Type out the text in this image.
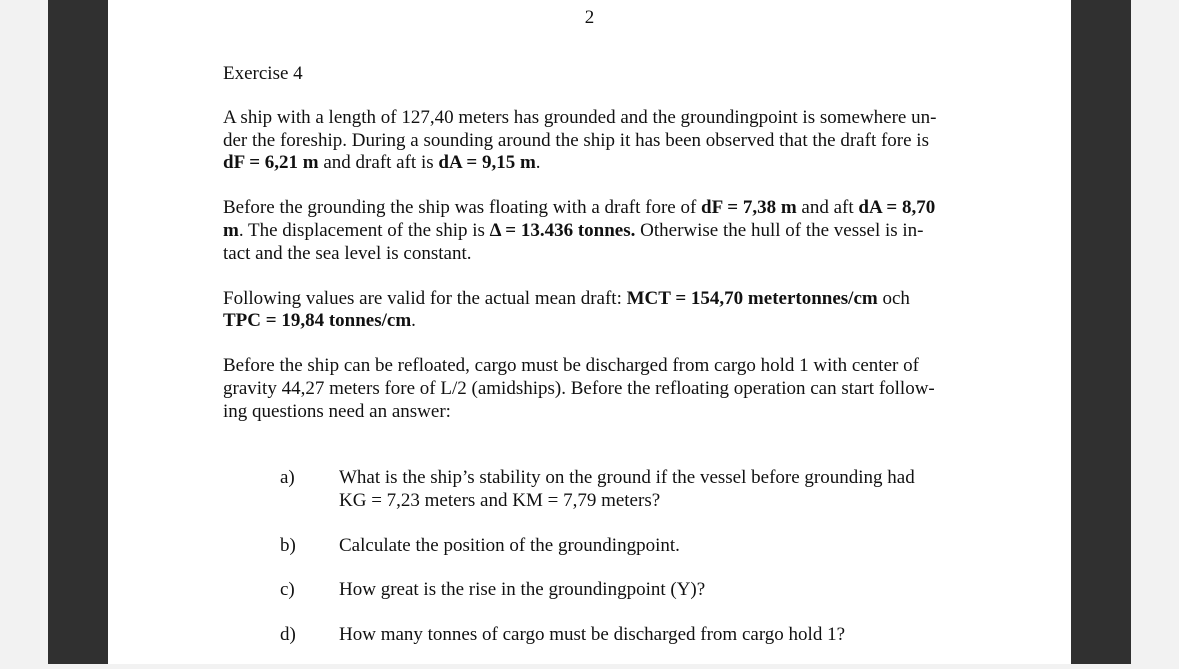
2
Exercise 4
A ship with a length of 127,40 meters has grounded and the groundingpoint is somewhere un-
der the foreship. During a sounding around the ship it has been observed that the draft fore is
dF = 6,21 m and draft aft is dA = 9,15 m.
Before the grounding the ship was floating with a draft fore of dF = 7,38 m and aft dA = 8,70
m. The displacement of the ship is Δ = 13.436 tonnes. Otherwise the hull of the vessel is in-
tact and the sea level is constant.
Following values are valid for the actual mean draft: MCT = 154,70 metertonnes/cm och
TPC = 19,84 tonnes/cm.
Before the ship can be refloated, cargo must be discharged from cargo hold 1 with center of
gravity 44,27 meters fore of L/2 (amidships). Before the refloating operation can start follow-
ing questions need an answer:
a) What is the ship’s stability on the ground if the vessel before grounding had
KG = 7,23 meters and KM = 7,79 meters?
b) Calculate the position of the groundingpoint.
c) How great is the rise in the groundingpoint (Y)?
d) How many tonnes of cargo must be discharged from cargo hold 1?
